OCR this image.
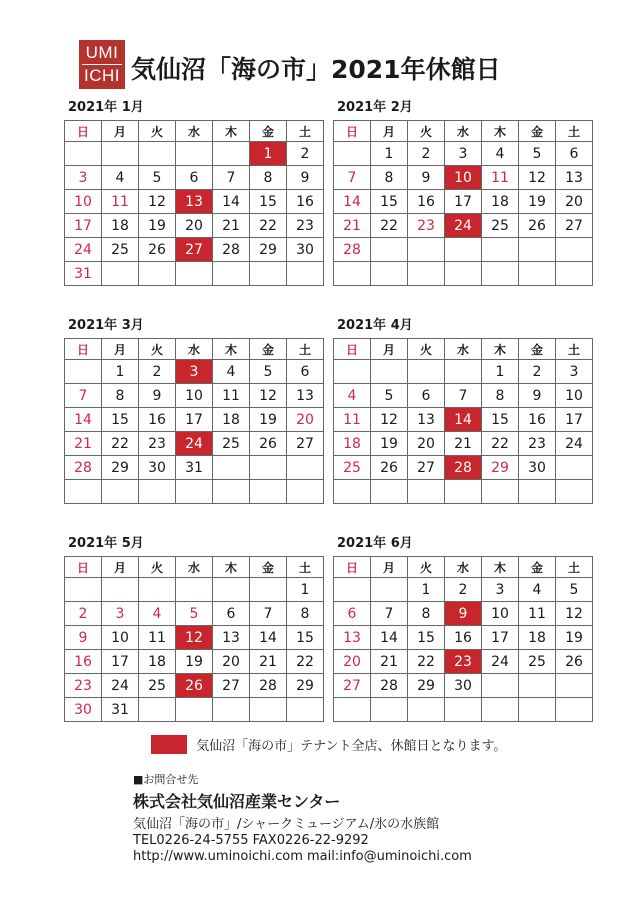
UMI
ICHI 気仙沼「海の市」2021年休館日
2021年 1月
日	月	火	水	木	金	土
					1	2
3	4	5	6	7	8	9
10	11	12	13	14	15	16
17	18	19	20	21	22	23
24	25	26	27	28	29	30
31						
2021年 2月
日	月	火	水	木	金	土
	1	2	3	4	5	6
7	8	9	10	11	12	13
14	15	16	17	18	19	20
21	22	23	24	25	26	27
28						

2021年 3月
日	月	火	水	木	金	土
	1	2	3	4	5	6
7	8	9	10	11	12	13
14	15	16	17	18	19	20
21	22	23	24	25	26	27
28	29	30	31			

2021年 4月
日	月	火	水	木	金	土
				1	2	3
4	5	6	7	8	9	10
11	12	13	14	15	16	17
18	19	20	21	22	23	24
25	26	27	28	29	30	

2021年 5月
日	月	火	水	木	金	土
						1
2	3	4	5	6	7	8
9	10	11	12	13	14	15
16	17	18	19	20	21	22
23	24	25	26	27	28	29
30	31					
2021年 6月
日	月	火	水	木	金	土
		1	2	3	4	5
6	7	8	9	10	11	12
13	14	15	16	17	18	19
20	21	22	23	24	25	26
27	28	29	30			

気仙沼「海の市」テナント全店、休館日となります。
■お問合せ先
株式会社気仙沼産業センター
気仙沼「海の市」/シャークミュージアム/氷の水族館
TEL0226-24-5755 FAX0226-22-9292
http://www.uminoichi.com mail:info@uminoichi.com
